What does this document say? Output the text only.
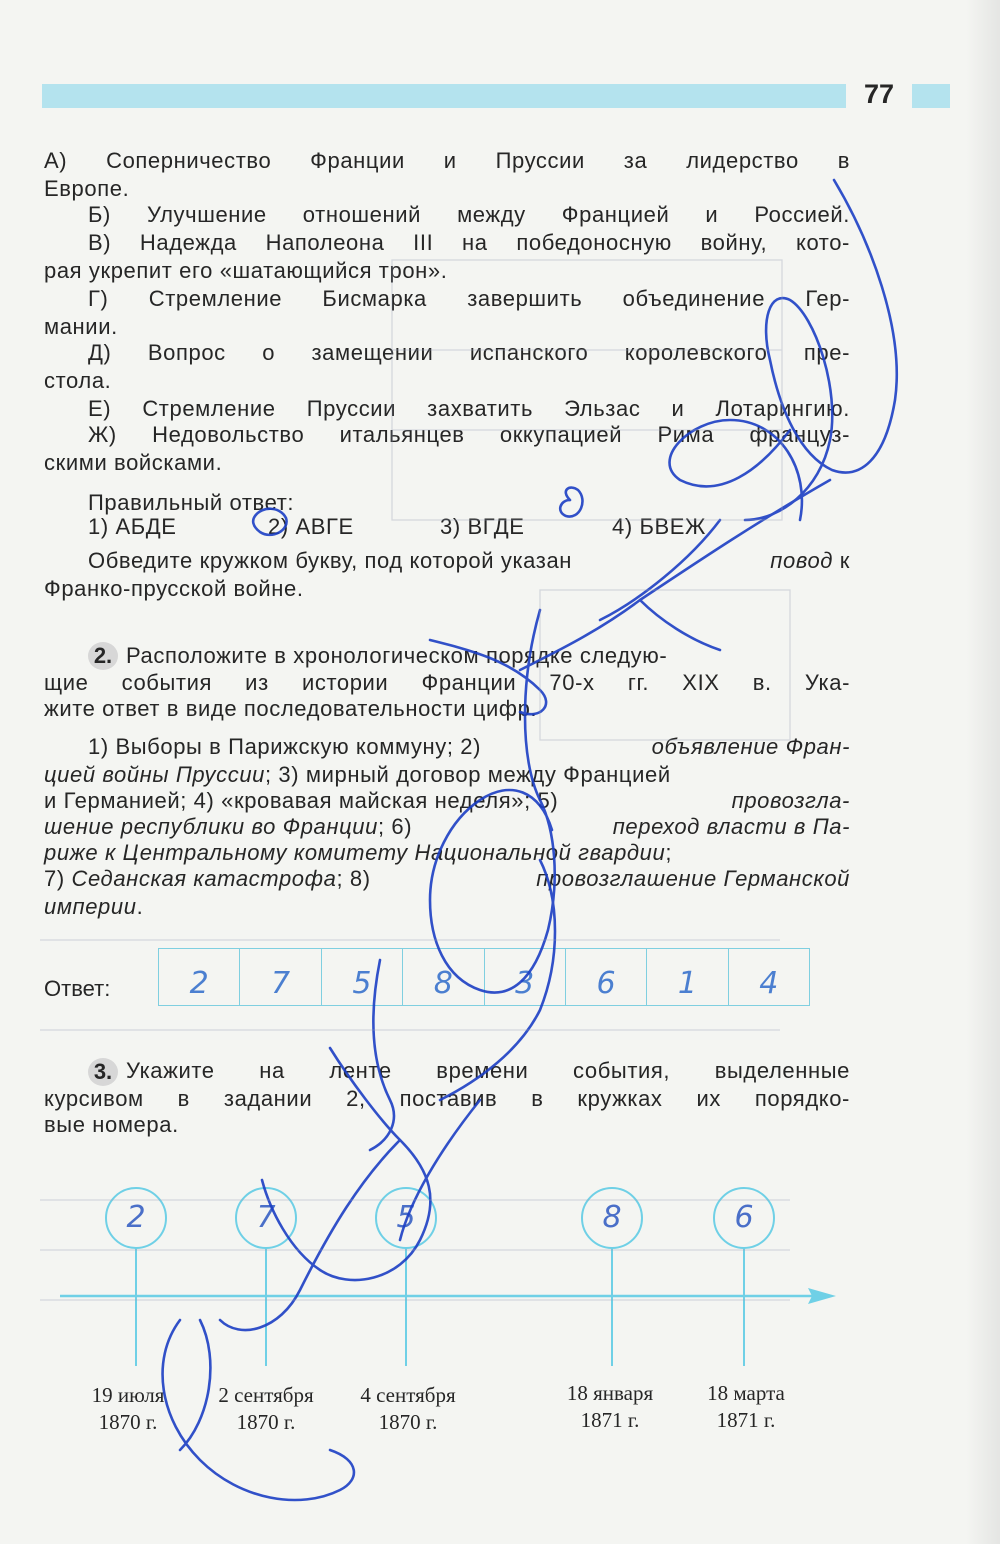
77
А) Соперничество Франции и Пруссии за лидерство в
Европе.
Б) Улучшение отношений между Францией и Россией.
В) Надежда Наполеона III на победоносную войну, кото-
рая укрепит его «шатающийся трон».
Г) Стремление Бисмарка завершить объединение Гер-
мании.
Д) Вопрос о замещении испанского королевского пре-
стола.
Е) Стремление Пруссии захватить Эльзас и Лотарингию.
Ж) Недовольство итальянцев оккупацией Рима француз-
скими войсками.
Правильный ответ:
1) АБДЕ	2) АВГЕ	3) ВГДЕ	4) БВЕЖ
Обведите кружком букву, под которой указан	повод к
Франко-прусской войне.
2. Расположите в хронологическом порядке следую-
щие события из истории Франции 70-х гг. XIX в. Ука-
жите ответ в виде последовательности цифр.
1) Выборы в Парижскую коммуну; 2)	объявление Фран-
цией войны Пруссии; 3) мирный договор между Францией
и Германией; 4) «кровавая майская неделя»; 5)	провозгла-
шение республики во Франции; 6)	переход власти в Па-
риже к Центральному комитету Национальной гвардии;
7) Седанская катастрофа; 8)	провозглашение Германской
империи.
Ответ:	2	7	5	8	3	6	1	4
3. Укажите на ленте времени события, выделенные
курсивом в задании 2, поставив в кружках их порядко-
вые номера.
2	7	5	8	6
19 июля
1870 г.
2 сентября
1870 г.
4 сентября
1870 г.
18 января
1871 г.
18 марта
1871 г.
